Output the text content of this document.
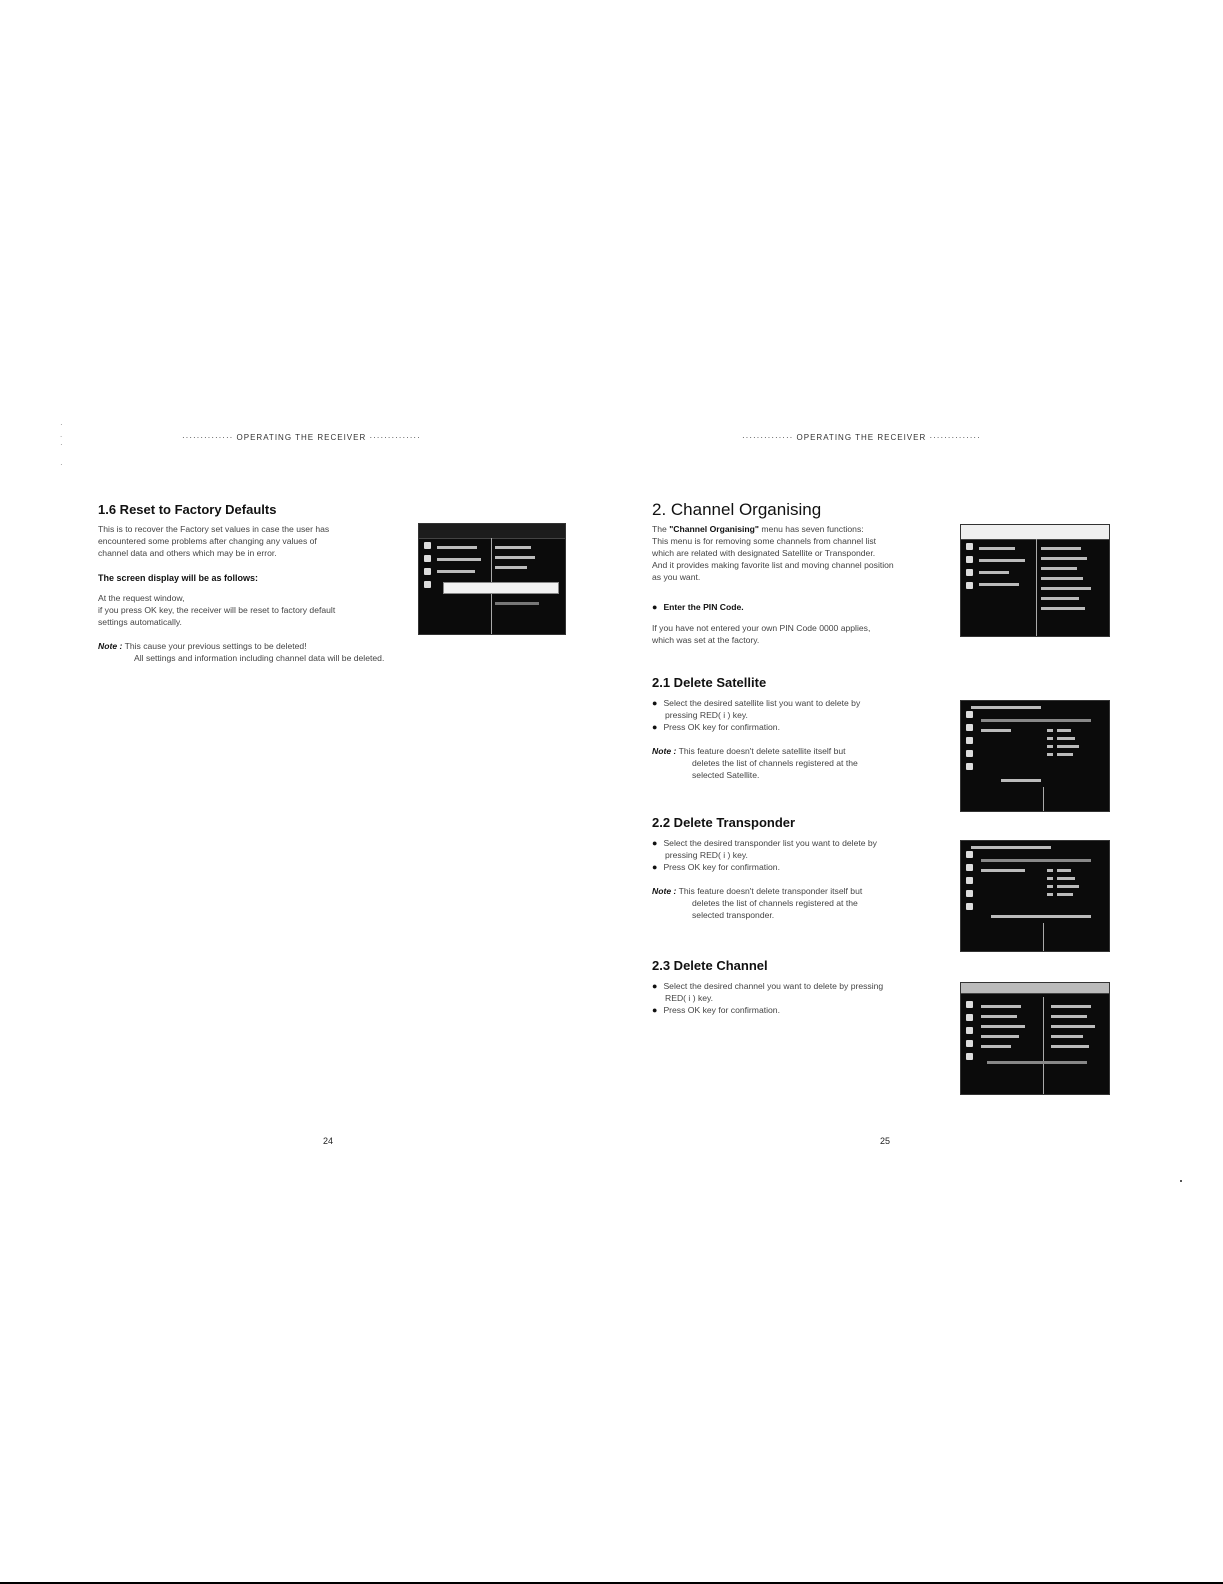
·············· OPERATING THE RECEIVER ··············
1.6 Reset to Factory Defaults
This is to recover the Factory set values in case the user has
encountered some problems after changing any values of
channel data and others which may be in error.
The screen display will be as follows:
At the request window,
if you press OK key, the receiver will be reset to factory default
settings automatically.
Note : This cause your previous settings to be deleted!
All settings and information including channel data will be deleted.
24
·············· OPERATING THE RECEIVER ··············
2. Channel Organising
The "Channel Organising" menu has seven functions:
This menu is for removing some channels from channel list
which are related with designated Satellite or Transponder.
And it provides making favorite list and moving channel position
as you want.
● Enter the PIN Code.
If you have not entered your own PIN Code 0000 applies,
which was set at the factory.
2.1 Delete Satellite
● Select the desired satellite list you want to delete by
pressing RED( i ) key.
● Press OK key for confirmation.
Note : This feature doesn't delete satellite itself but
deletes the list of channels registered at the
selected Satellite.
2.2 Delete Transponder
● Select the desired transponder list you want to delete by
pressing RED( i ) key.
● Press OK key for confirmation.
Note : This feature doesn't delete transponder itself but
deletes the list of channels registered at the
selected transponder.
2.3 Delete Channel
● Select the desired channel you want to delete by pressing
RED( i ) key.
● Press OK key for confirmation.
25
·
.
·

·
